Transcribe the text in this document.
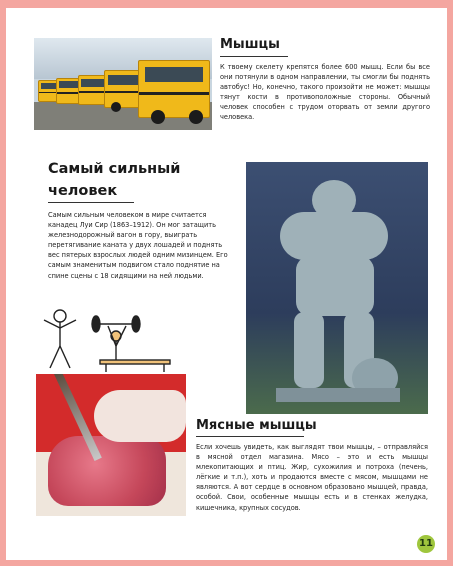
Мышцы
К твоему скелету крепятся более 600 мышц. Если бы все они потянули в одном направлении, ты смогли бы поднять автобус! Но, конечно, такого произойти не может: мышцы тянут кости в противоположные стороны. Обычный человек способен с трудом оторвать от земли другого человека.
Самый сильный человек
Самым сильным человеком в мире считается канадец Луи Сир (1863–1912). Он мог затащить железнодорожный вагон в гору, выиграть перетягивание каната у двух лошадей и поднять вес пятерых взрослых людей одним мизинцем. Его самым знаменитым подвигом стало поднятие на спине сцены с 18 сидящими на ней людьми.
Мясные мышцы
Если хочешь увидеть, как выглядят твои мышцы, – отправляйся в мясной отдел магазина. Мясо – это и есть мышцы млекопитающих и птиц. Жир, сухожилия и потроха (печень, лёгкие и т.п.), хоть и продаются вместе с мясом, мышцами не являются. А вот сердце в основном образовано мышцей, правда, особой. Свои, особенные мышцы есть и в стенках желудка, кишечника, крупных сосудов.
11
